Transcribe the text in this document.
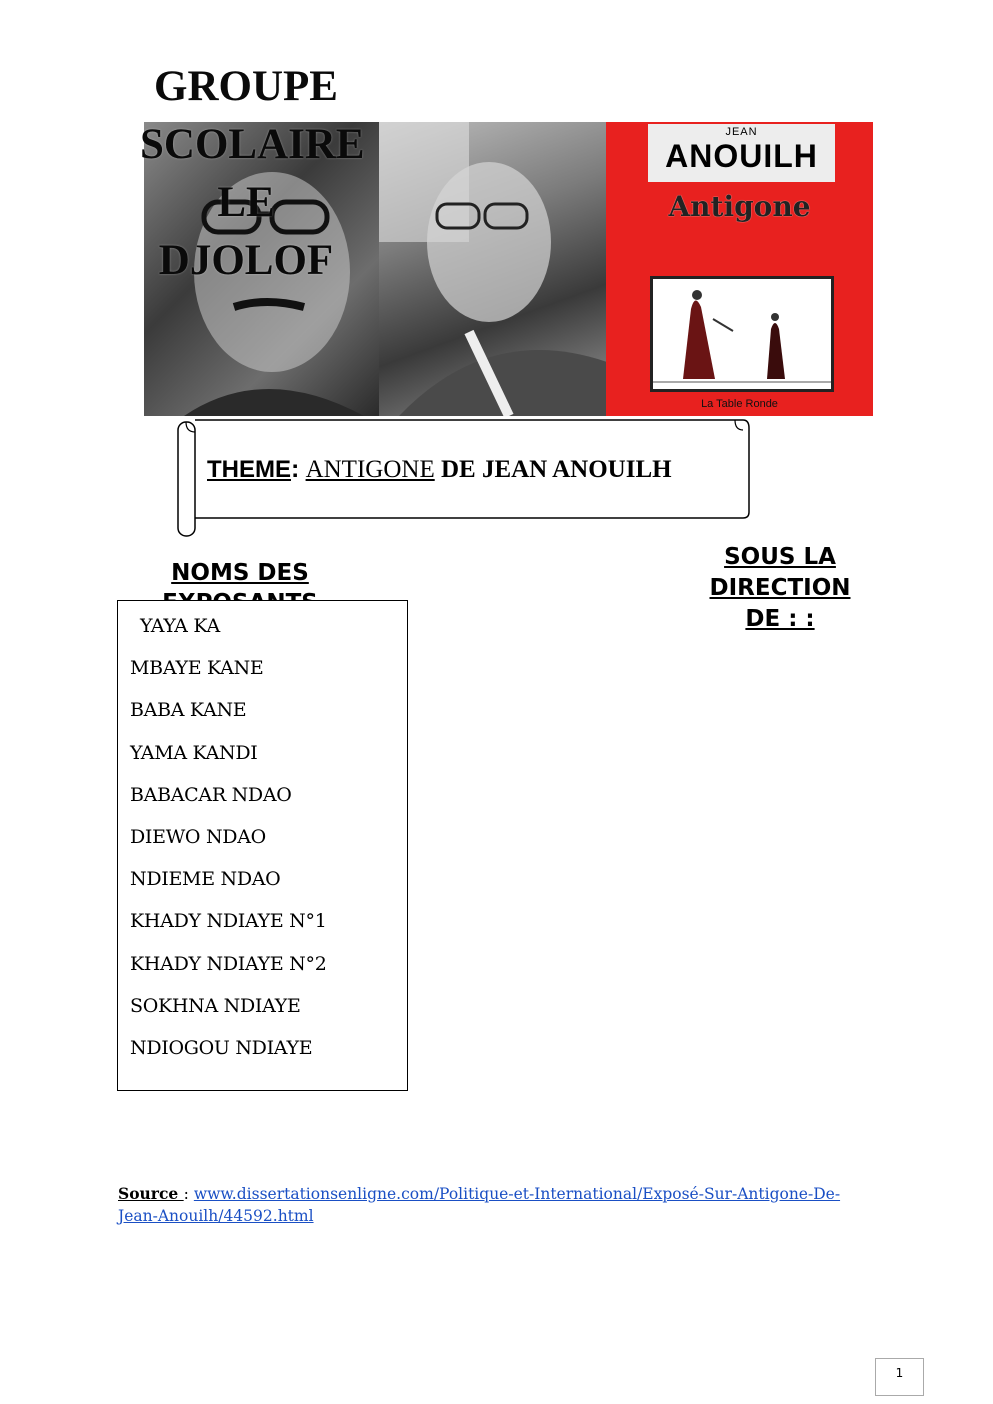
JEAN
ANOUILH
Antigone
La Table Ronde
GROUPE SCOLAIRE LE DJOLOF
THEME: ANTIGONE DE JEAN ANOUILH
NOMS DES
SOUS LA DIRECTION DE : :
YAYA KA
MBAYE KANE
BABA KANE
YAMA KANDI
BABACAR NDAO
DIEWO NDAO
NDIEME NDAO
KHADY NDIAYE N°1
KHADY NDIAYE N°2
SOKHNA NDIAYE
NDIOGOU NDIAYE
Source : www.dissertationsenligne.com/Politique-et-International/Exposé-Sur-Antigone-De-Jean-Anouilh/44592.html
1
